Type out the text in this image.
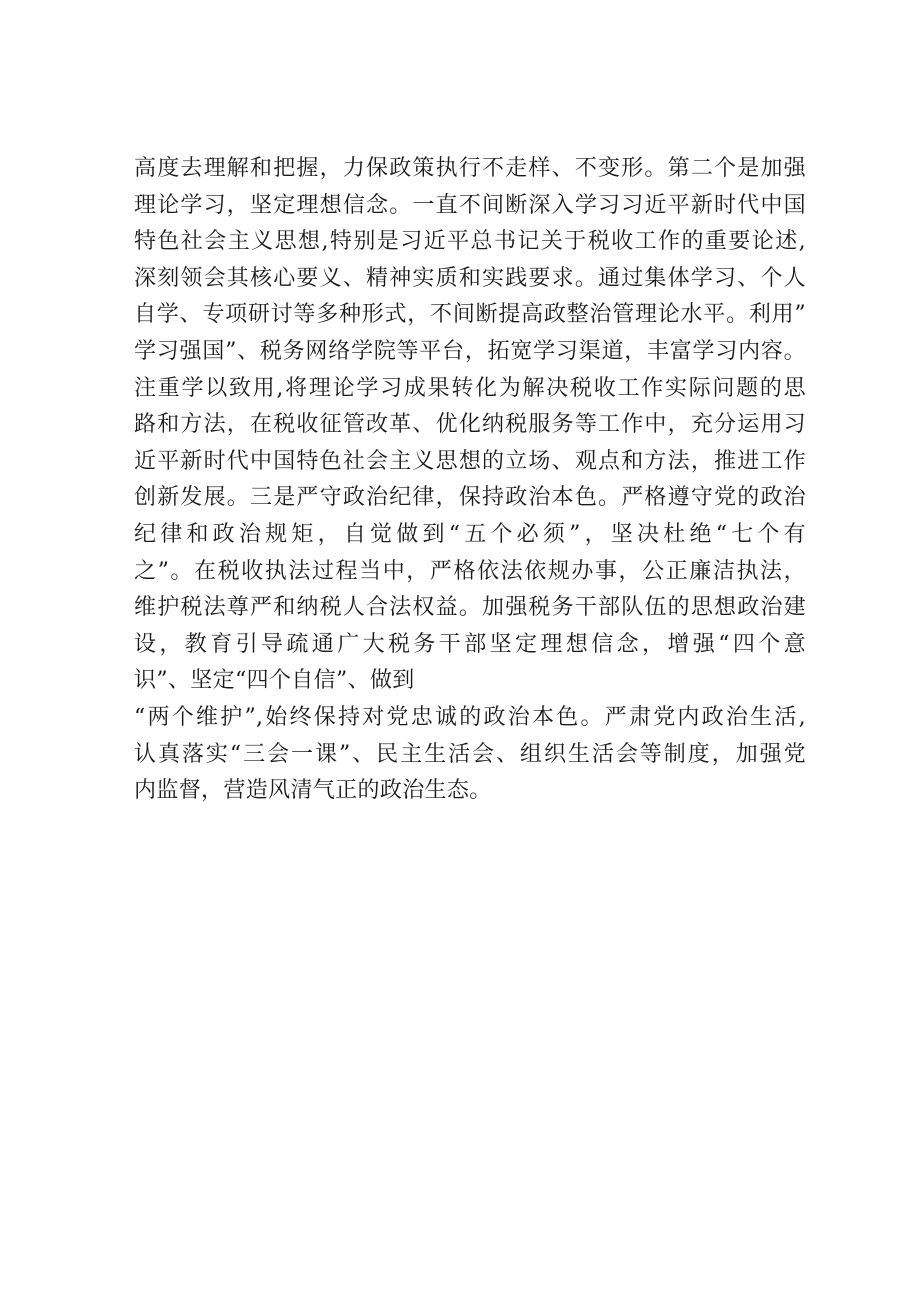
高度去理解和把握，力保政策执行不走样、不变形。第二个是加强
理论学习，坚定理想信念。一直不间断深入学习习近平新时代中国
特色社会主义思想,特别是习近平总书记关于税收工作的重要论述,
深刻领会其核心要义、精神实质和实践要求。通过集体学习、个人
自学、专项研讨等多种形式，不间断提高政整治管理论水平。利用”
学习强国”、税务网络学院等平台，拓宽学习渠道，丰富学习内容。
注重学以致用,将理论学习成果转化为解决税收工作实际问题的思
路和方法，在税收征管改革、优化纳税服务等工作中，充分运用习
近平新时代中国特色社会主义思想的立场、观点和方法，推进工作
创新发展。三是严守政治纪律，保持政治本色。严格遵守党的政治
纪律和政治规矩，自觉做到“五个必须”，坚决杜绝“七个有
之”。在税收执法过程当中，严格依法依规办事，公正廉洁执法，
维护税法尊严和纳税人合法权益。加强税务干部队伍的思想政治建
设，教育引导疏通广大税务干部坚定理想信念，增强“四个意
识”、坚定“四个自信”、做到
“两个维护”,始终保持对党忠诚的政治本色。严肃党内政治生活,
认真落实“三会一课”、民主生活会、组织生活会等制度，加强党
内监督，营造风清气正的政治生态。
